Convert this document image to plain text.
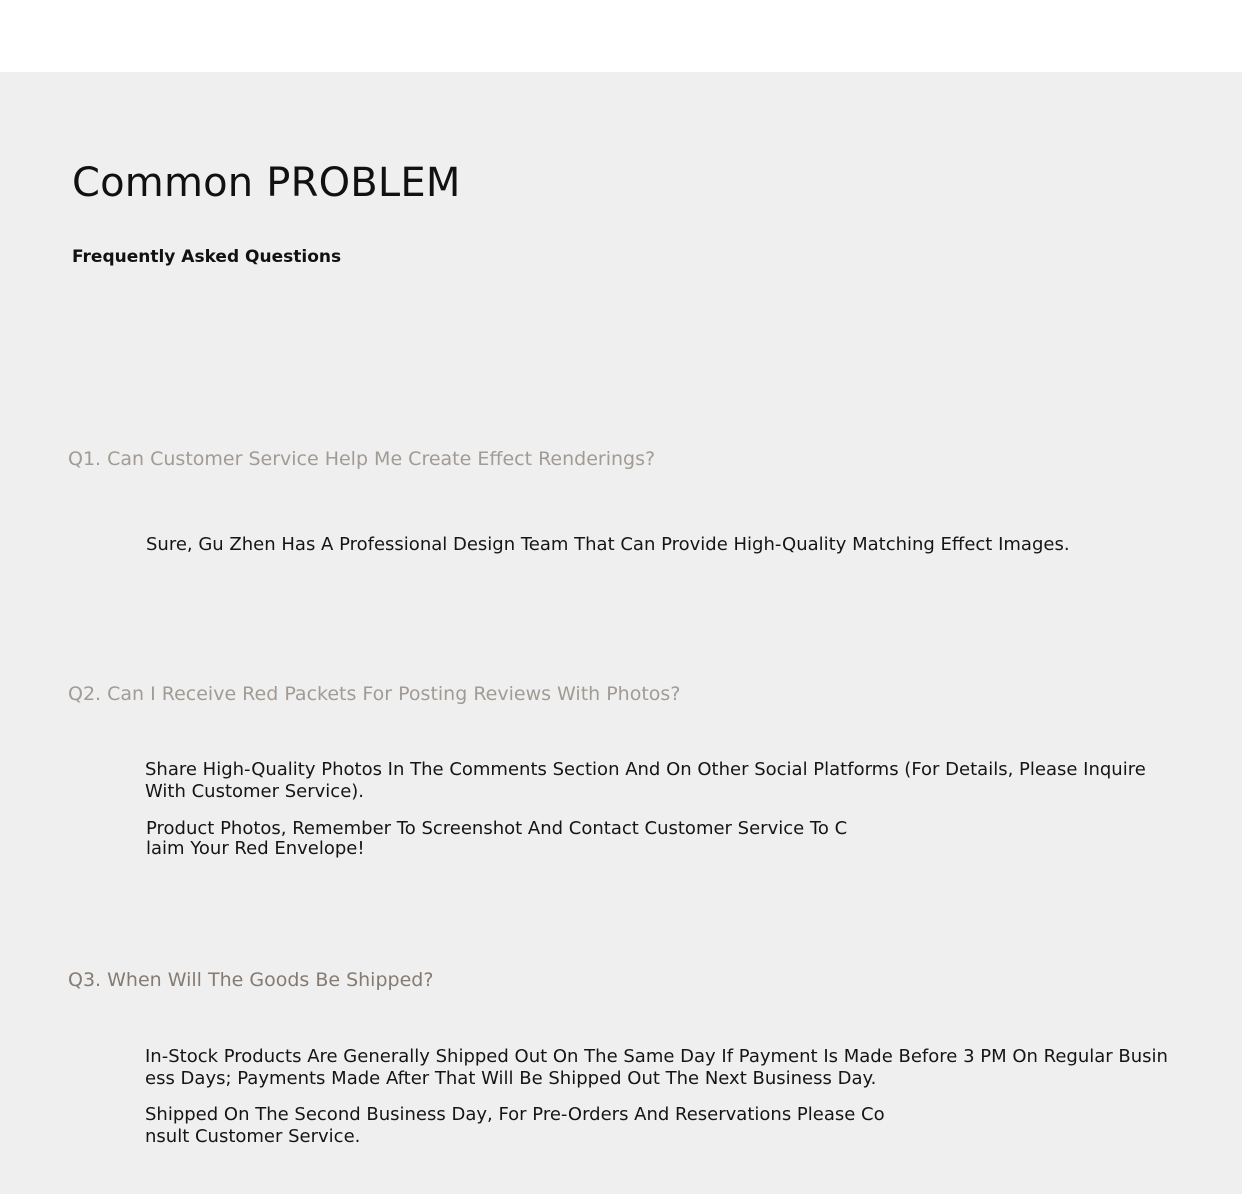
Common PROBLEM
Frequently Asked Questions
Q1. Can Customer Service Help Me Create Effect Renderings?
Sure, Gu Zhen Has A Professional Design Team That Can Provide High-Quality Matching Effect Images.
Q2. Can I Receive Red Packets For Posting Reviews With Photos?
Share High-Quality Photos In The Comments Section And On Other Social Platforms (For Details, Please Inquire
With Customer Service).
Product Photos, Remember To Screenshot And Contact Customer Service To C
laim Your Red Envelope!
Q3. When Will The Goods Be Shipped?
In-Stock Products Are Generally Shipped Out On The Same Day If Payment Is Made Before 3 PM On Regular Busin
ess Days; Payments Made After That Will Be Shipped Out The Next Business Day.
Shipped On The Second Business Day, For Pre-Orders And Reservations Please Co
nsult Customer Service.
